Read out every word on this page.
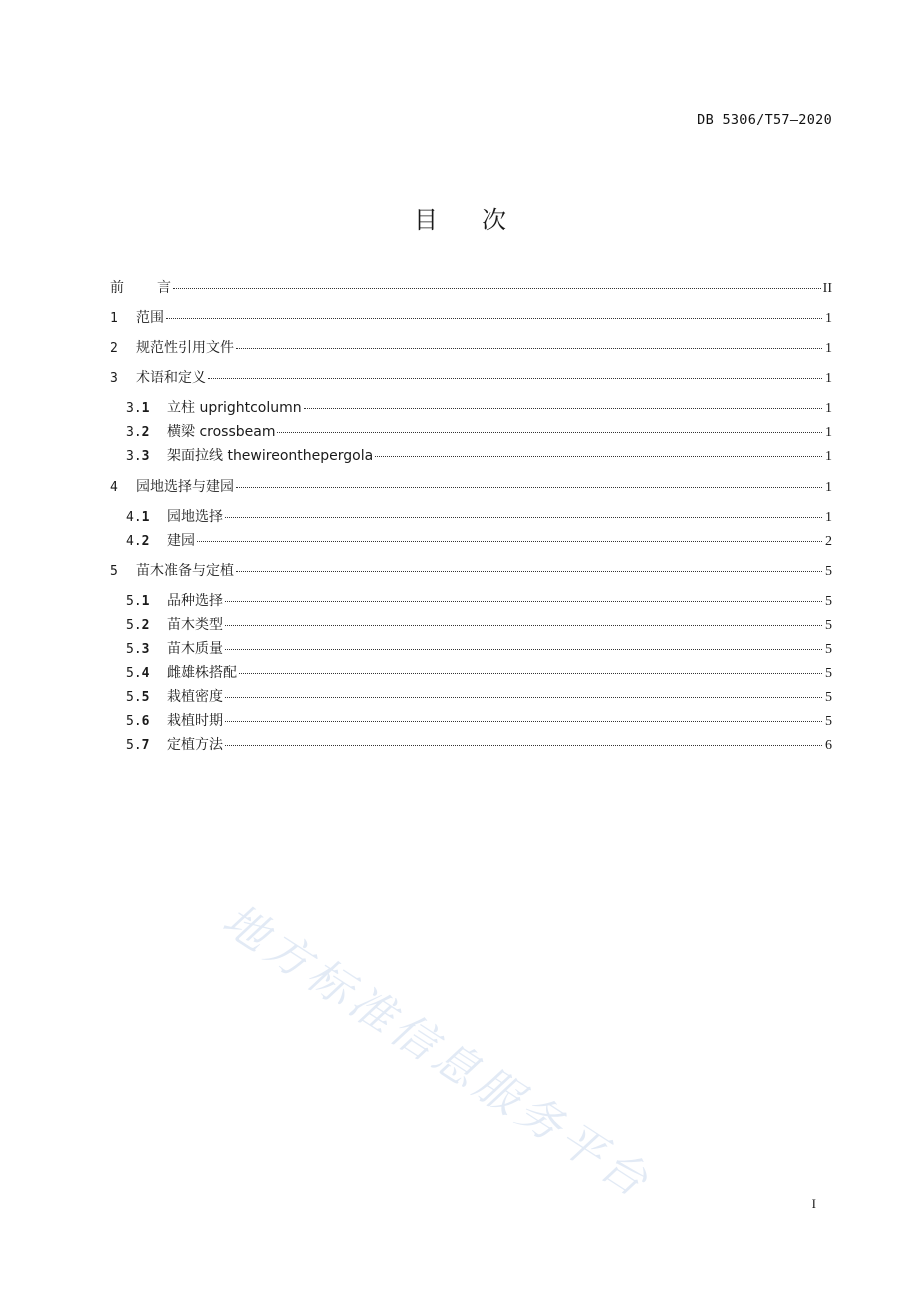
DB 5306/T57—2020
目 次
前	言	II
1	范围	1
2	规范性引用文件	1
3	术语和定义	1
3.1	立柱 uprightcolumn	1
3.2	横梁 crossbeam	1
3.3	架面拉线 thewireonthepergola	1
4	园地选择与建园	1
4.1	园地选择	1
4.2	建园	2
5	苗木准备与定植	5
5.1	品种选择	5
5.2	苗木类型	5
5.3	苗木质量	5
5.4	雌雄株搭配	5
5.5	栽植密度	5
5.6	栽植时期	5
5.7	定植方法	6
地方标准信息服务平台	I
